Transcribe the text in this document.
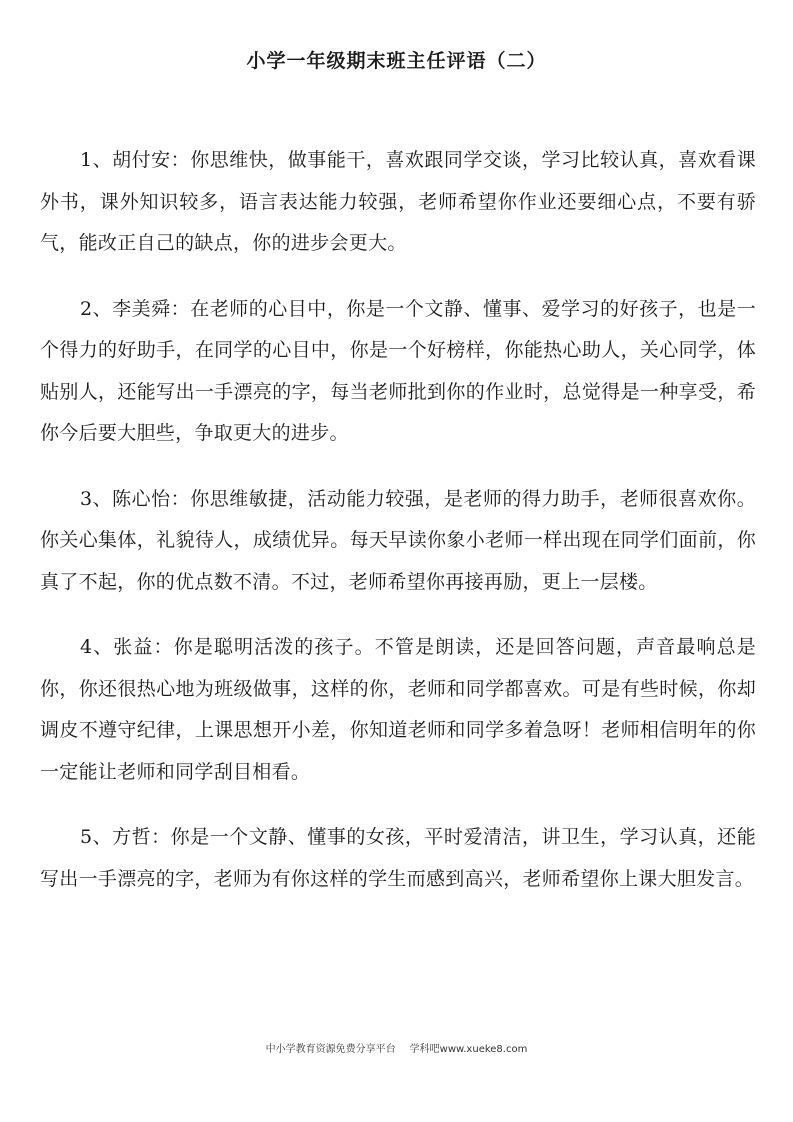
小学一年级期末班主任评语（二）

1、胡付安：你思维快，做事能干，喜欢跟同学交谈，学习比较认真，喜欢看课外书，课外知识较多，语言表达能力较强，老师希望你作业还要细心点，不要有骄气，能改正自己的缺点，你的进步会更大。

2、李美舜：在老师的心目中，你是一个文静、懂事、爱学习的好孩子，也是一个得力的好助手，在同学的心目中，你是一个好榜样，你能热心助人，关心同学，体贴别人，还能写出一手漂亮的字，每当老师批到你的作业时，总觉得是一种享受，希你今后要大胆些，争取更大的进步。

3、陈心怡：你思维敏捷，活动能力较强，是老师的得力助手，老师很喜欢你。你关心集体，礼貌待人，成绩优异。每天早读你象小老师一样出现在同学们面前，你真了不起，你的优点数不清。不过，老师希望你再接再励，更上一层楼。

4、张益：你是聪明活泼的孩子。不管是朗读，还是回答问题，声音最响总是你，你还很热心地为班级做事，这样的你，老师和同学都喜欢。可是有些时候，你却调皮不遵守纪律，上课思想开小差，你知道老师和同学多着急呀！老师相信明年的你一定能让老师和同学刮目相看。

5、方哲：你是一个文静、懂事的女孩，平时爱清洁，讲卫生，学习认真，还能写出一手漂亮的字，老师为有你这样的学生而感到高兴，老师希望你上课大胆发言。

中小学教育资源免费分享平台 学科吧www.xueke8.com
